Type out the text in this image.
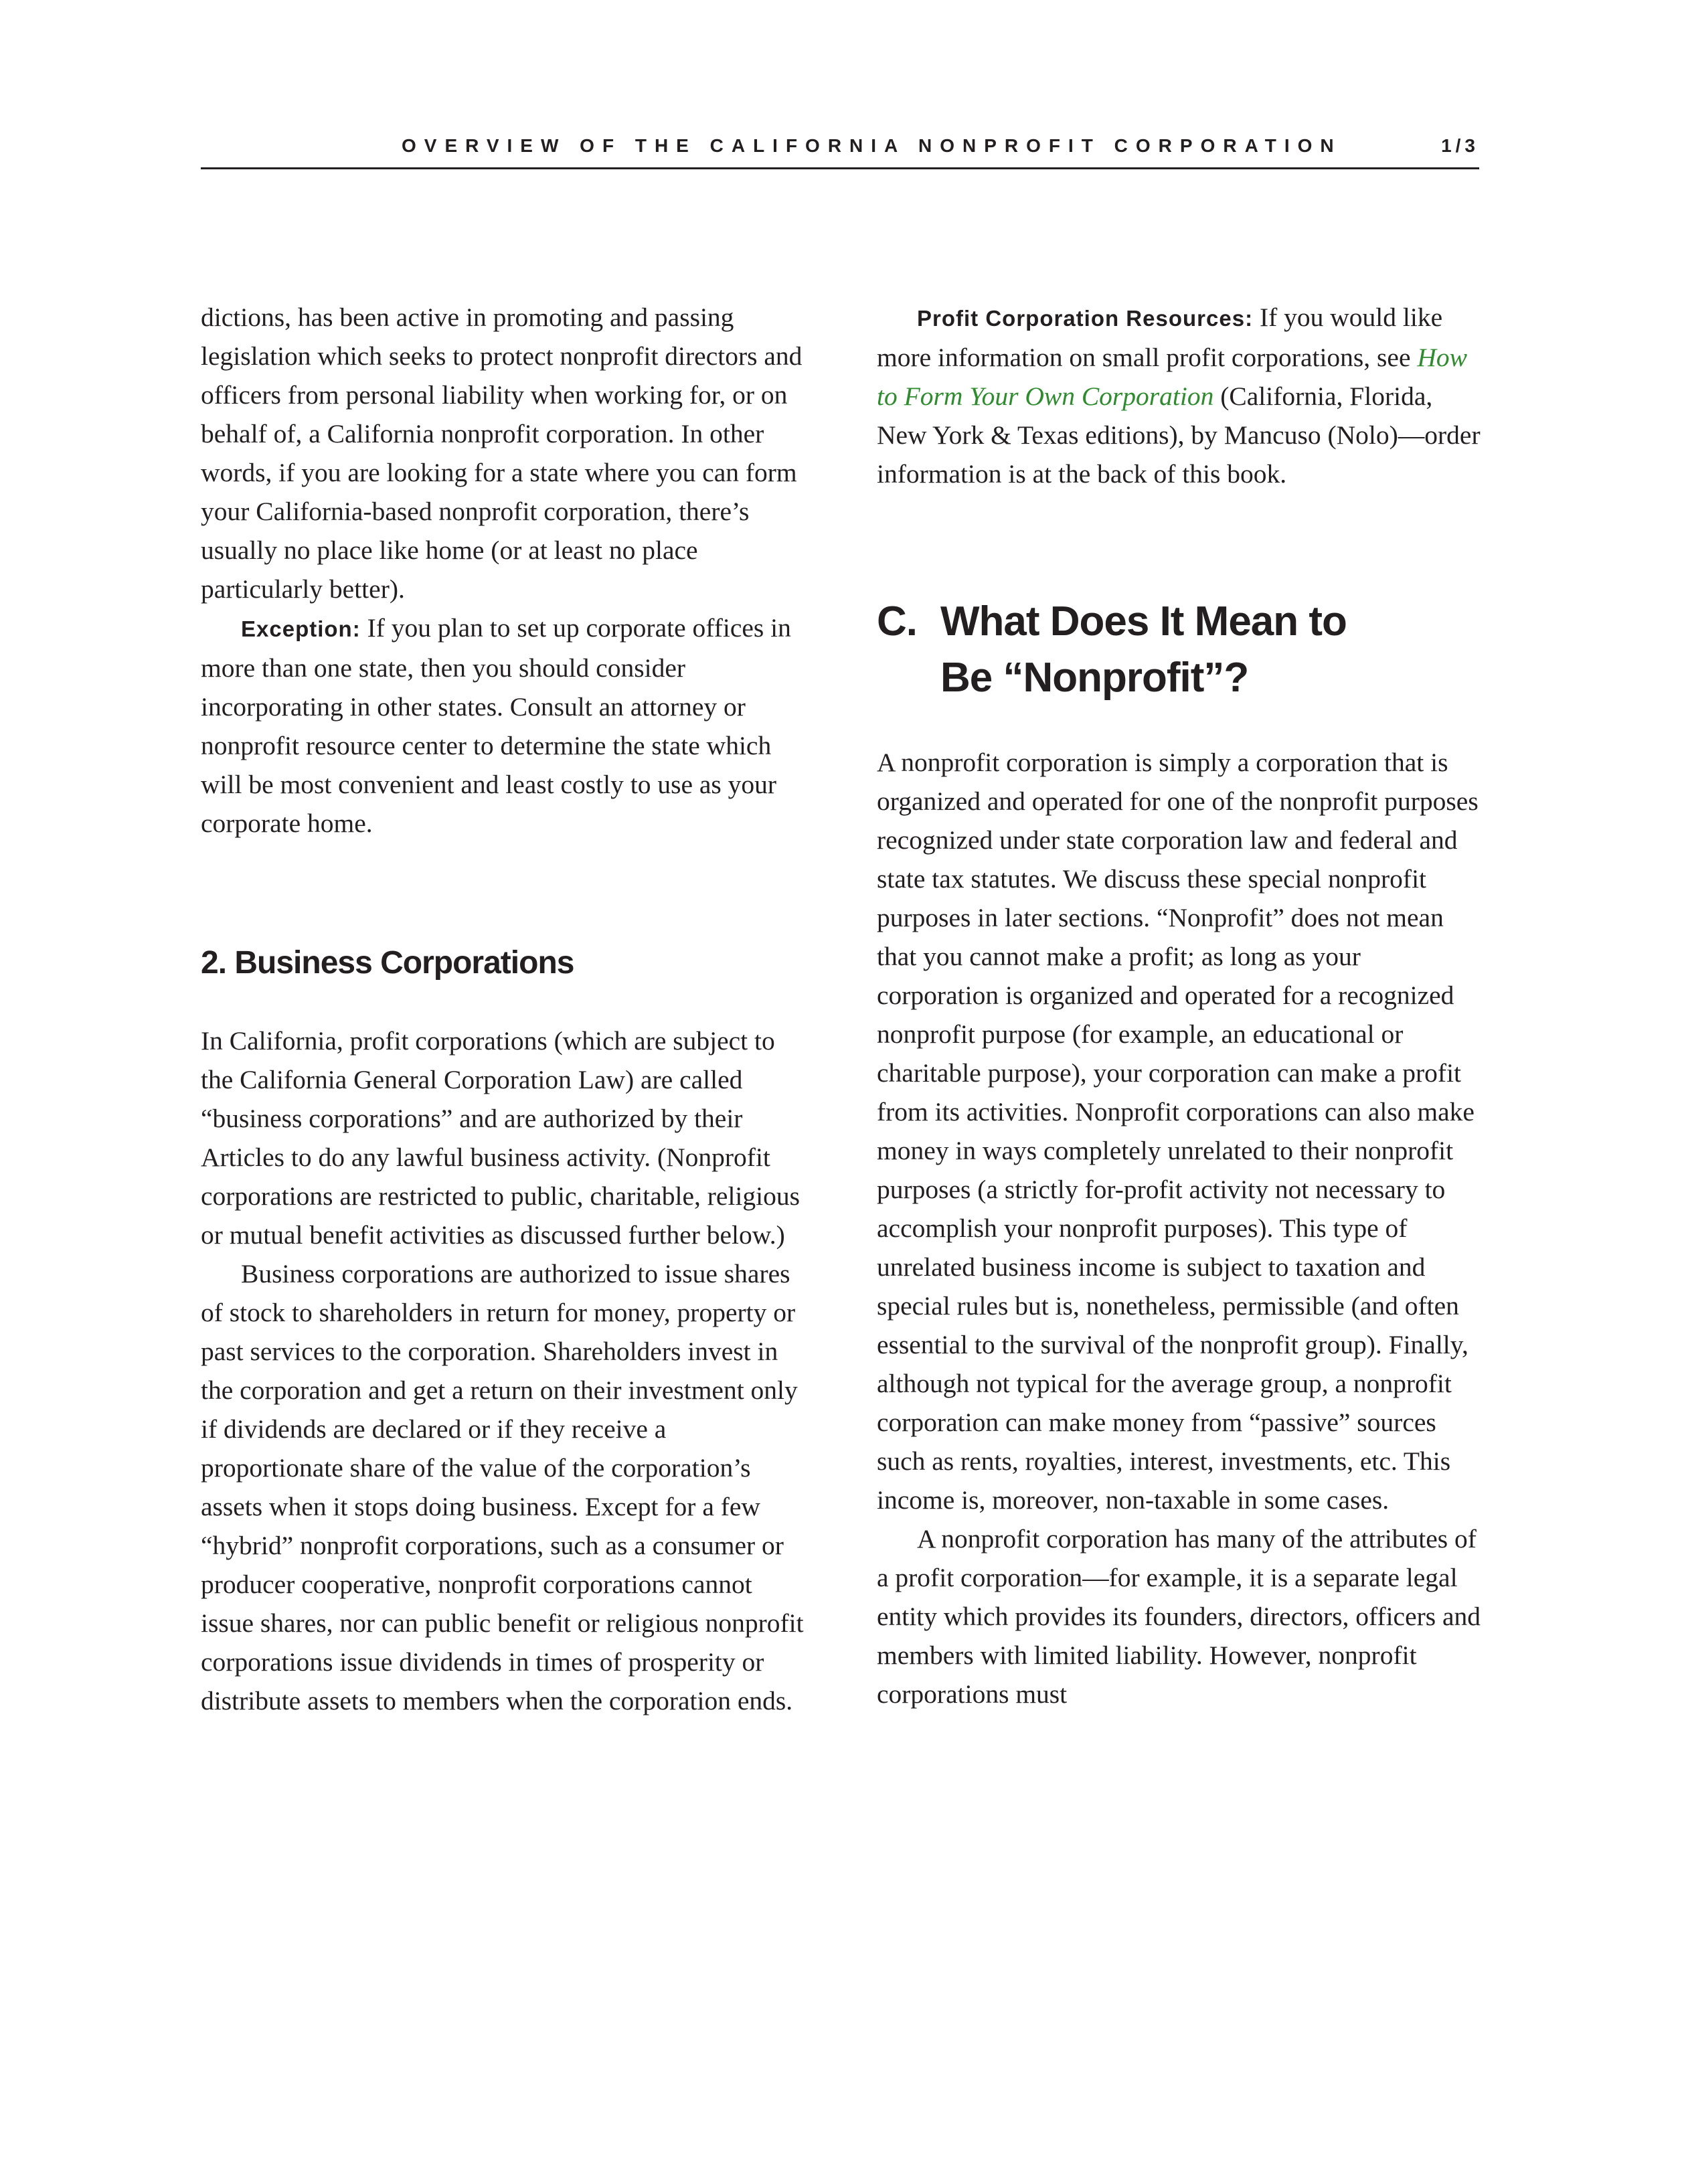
OVERVIEW OF THE CALIFORNIA NONPROFIT CORPORATION	1/3

dictions, has been active in promoting and passing legislation which seeks to protect nonprofit directors and officers from personal liability when working for, or on behalf of, a California nonprofit corporation. In other words, if you are looking for a state where you can form your California-based nonprofit corporation, there’s usually no place like home (or at least no place particularly better).

Exception: If you plan to set up corporate offices in more than one state, then you should consider incorporating in other states. Consult an attorney or nonprofit resource center to determine the state which will be most convenient and least costly to use as your corporate home.

2. Business Corporations

In California, profit corporations (which are subject to the California General Corporation Law) are called “business corporations” and are authorized by their Articles to do any lawful business activity. (Nonprofit corporations are restricted to public, charitable, religious or mutual benefit activities as discussed further below.)

Business corporations are authorized to issue shares of stock to shareholders in return for money, property or past services to the corporation. Shareholders invest in the corporation and get a return on their investment only if dividends are declared or if they receive a proportionate share of the value of the corporation’s assets when it stops doing business. Except for a few “hybrid” nonprofit corporations, such as a consumer or producer cooperative, nonprofit corporations cannot issue shares, nor can public benefit or religious nonprofit corporations issue dividends in times of prosperity or distribute assets to members when the corporation ends.

Profit Corporation Resources: If you would like more information on small profit corporations, see How to Form Your Own Corporation (California, Florida, New York & Texas editions), by Mancuso (Nolo)—order information is at the back of this book.

C. What Does It Mean to
Be “Nonprofit”?

A nonprofit corporation is simply a corporation that is organized and operated for one of the nonprofit purposes recognized under state corporation law and federal and state tax statutes. We discuss these special nonprofit purposes in later sections. “Nonprofit” does not mean that you cannot make a profit; as long as your corporation is organized and operated for a recognized nonprofit purpose (for example, an educational or charitable purpose), your corporation can make a profit from its activities. Nonprofit corporations can also make money in ways completely unrelated to their nonprofit purposes (a strictly for-profit activity not necessary to accomplish your nonprofit purposes). This type of unrelated business income is subject to taxation and special rules but is, nonetheless, permissible (and often essential to the survival of the nonprofit group). Finally, although not typical for the average group, a nonprofit corporation can make money from “passive” sources such as rents, royalties, interest, investments, etc. This income is, moreover, non-taxable in some cases.

A nonprofit corporation has many of the attributes of a profit corporation—for example, it is a separate legal entity which provides its founders, directors, officers and members with limited liability. However, nonprofit corporations must
